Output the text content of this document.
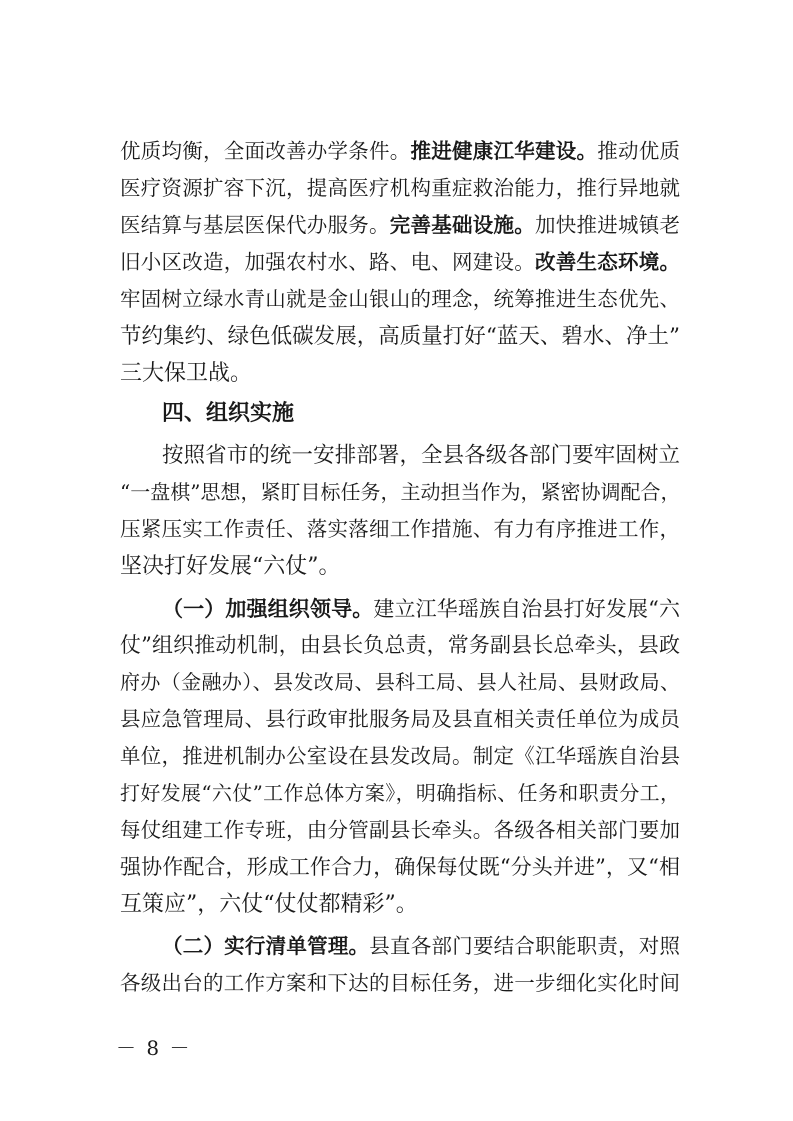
优质均衡，全面改善办学条件。推进健康江华建设。推动优质
医疗资源扩容下沉，提高医疗机构重症救治能力，推行异地就
医结算与基层医保代办服务。完善基础设施。加快推进城镇老
旧小区改造，加强农村水、路、电、网建设。改善生态环境。
牢固树立绿水青山就是金山银山的理念，统筹推进生态优先、
节约集约、绿色低碳发展，高质量打好“蓝天、碧水、净土”
三大保卫战。
四、组织实施
按照省市的统一安排部署，全县各级各部门要牢固树立
“一盘棋”思想，紧盯目标任务，主动担当作为，紧密协调配合，
压紧压实工作责任、落实落细工作措施、有力有序推进工作，
坚决打好发展“六仗”。
（一）加强组织领导。建立江华瑶族自治县打好发展“六
仗”组织推动机制，由县长负总责，常务副县长总牵头，县政
府办（金融办）、县发改局、县科工局、县人社局、县财政局、
县应急管理局、县行政审批服务局及县直相关责任单位为成员
单位，推进机制办公室设在县发改局。制定《江华瑶族自治县
打好发展“六仗”工作总体方案》，明确指标、任务和职责分工，
每仗组建工作专班，由分管副县长牵头。各级各相关部门要加
强协作配合，形成工作合力，确保每仗既“分头并进”，又“相
互策应”，六仗“仗仗都精彩”。
（二）实行清单管理。县直各部门要结合职能职责，对照
各级出台的工作方案和下达的目标任务，进一步细化实化时间
－ 8 －
